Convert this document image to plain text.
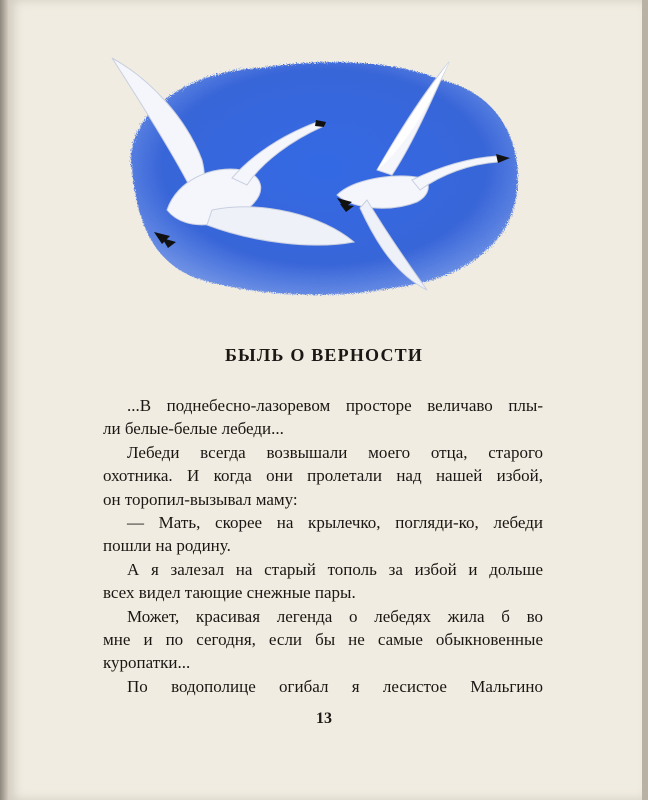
БЫЛЬ О ВЕРНОСТИ
...В поднебесно-лазоревом просторе величаво плы-
ли белые-белые лебеди...
Лебеди всегда возвышали моего отца, старого
охотника. И когда они пролетали над нашей избой,
он торопил-вызывал маму:
— Мать, скорее на крылечко, погляди-ко, лебеди
пошли на родину.
А я залезал на старый тополь за избой и дольше
всех видел тающие снежные пары.
Может, красивая легенда о лебедях жила б во
мне и по сегодня, если бы не самые обыкновенные
куропатки...
По водополице огибал я лесистое Мальгино
13
